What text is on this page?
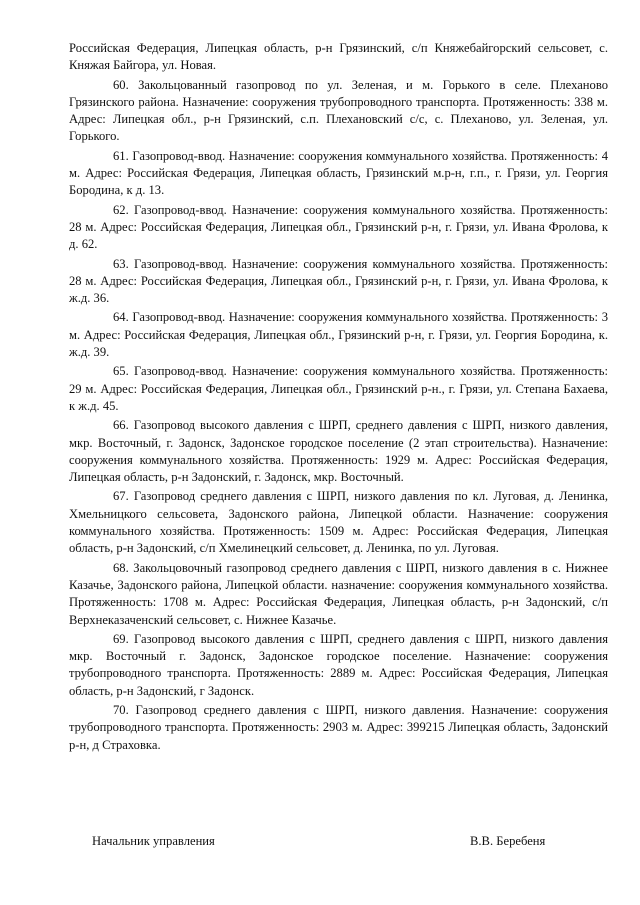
Российская Федерация, Липецкая область, р-н Грязинский, с/п Княжебайгорский сельсовет, с. Княжая Байгора, ул. Новая.

60. Закольцованный газопровод по ул. Зеленая, и м. Горького в селе. Плеханово Грязинского района. Назначение: сооружения трубопроводного транспорта. Протяженность: 338 м. Адрес: Липецкая обл., р-н Грязинский, с.п. Плехановский с/с, с. Плеханово, ул. Зеленая, ул. Горького.

61. Газопровод-ввод. Назначение: сооружения коммунального хозяйства. Протяженность: 4 м. Адрес: Российская Федерация, Липецкая область, Грязинский м.р-н, г.п., г. Грязи, ул. Георгия Бородина, к д. 13.

62. Газопровод-ввод. Назначение: сооружения коммунального хозяйства. Протяженность: 28 м. Адрес: Российская Федерация, Липецкая обл., Грязинский р-н, г. Грязи, ул. Ивана Фролова, к д. 62.

63. Газопровод-ввод. Назначение: сооружения коммунального хозяйства. Протяженность: 28 м. Адрес: Российская Федерация, Липецкая обл., Грязинский р-н, г. Грязи, ул. Ивана Фролова, к ж.д. 36.

64. Газопровод-ввод. Назначение: сооружения коммунального хозяйства. Протяженность: 3 м. Адрес: Российская Федерация, Липецкая обл., Грязинский р-н, г. Грязи, ул. Георгия Бородина, к. ж.д. 39.

65. Газопровод-ввод. Назначение: сооружения коммунального хозяйства. Протяженность: 29 м. Адрес: Российская Федерация, Липецкая обл., Грязинский р-н., г. Грязи, ул. Степана Бахаева, к ж.д. 45.

66. Газопровод высокого давления с ШРП, среднего давления с ШРП, низкого давления, мкр. Восточный, г. Задонск, Задонское городское поселение (2 этап строительства). Назначение: сооружения коммунального хозяйства. Протяженность: 1929 м. Адрес: Российская Федерация, Липецкая область, р-н Задонский, г. Задонск, мкр. Восточный.

67. Газопровод среднего давления с ШРП, низкого давления по кл. Луговая, д. Ленинка, Хмельницкого сельсовета, Задонского района, Липецкой области. Назначение: сооружения коммунального хозяйства. Протяженность: 1509 м. Адрес: Российская Федерация, Липецкая область, р-н Задонский, с/п Хмелинецкий сельсовет, д. Ленинка, по ул. Луговая.

68. Закольцовочный газопровод среднего давления с ШРП, низкого давления в с. Нижнее Казачье, Задонского района, Липецкой области. назначение: сооружения коммунального хозяйства. Протяженность: 1708 м. Адрес: Российская Федерация, Липецкая область, р-н Задонский, с/п Верхнеказаченский сельсовет, с. Нижнее Казачье.

69. Газопровод высокого давления с ШРП, среднего давления с ШРП, низкого давления мкр. Восточный г. Задонск, Задонское городское поселение. Назначение: сооружения трубопроводного транспорта. Протяженность: 2889 м. Адрес: Российская Федерация, Липецкая область, р-н Задонский, г Задонск.

70. Газопровод среднего давления с ШРП, низкого давления. Назначение: сооружения трубопроводного транспорта. Протяженность: 2903 м. Адрес: 399215 Липецкая область, Задонский р-н, д Страховка.

Начальник управления	В.В. Беребеня
